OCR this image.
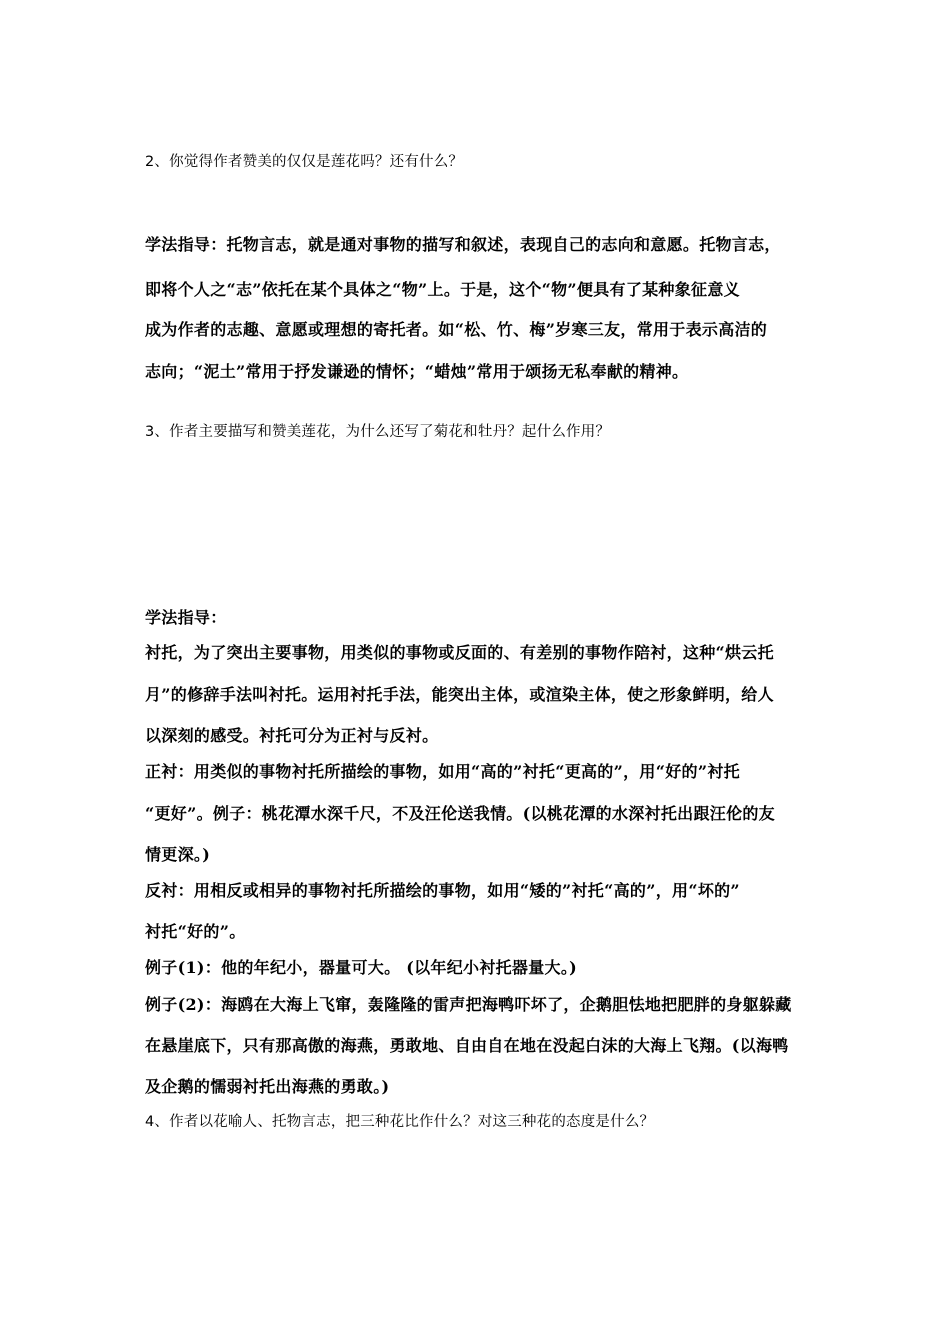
2、你觉得作者赞美的仅仅是莲花吗？还有什么？
学法指导：托物言志，就是通对事物的描写和叙述，表现自己的志向和意愿。托物言志，
即将个人之“志”依托在某个具体之“物”上。于是，这个“物”便具有了某种象征意义
成为作者的志趣、意愿或理想的寄托者。如“松、竹、梅”岁寒三友，常用于表示高洁的
志向；“泥土”常用于抒发谦逊的情怀；“蜡烛”常用于颂扬无私奉献的精神。
3、作者主要描写和赞美莲花，为什么还写了菊花和牡丹？起什么作用？
学法指导：
衬托，为了突出主要事物，用类似的事物或反面的、有差别的事物作陪衬，这种“烘云托
月”的修辞手法叫衬托。运用衬托手法，能突出主体，或渲染主体，使之形象鲜明，给人
以深刻的感受。衬托可分为正衬与反衬。
正衬：用类似的事物衬托所描绘的事物，如用“高的”衬托“更高的”，用“好的”衬托
“更好”。例子：桃花潭水深千尺，不及汪伦送我情。(以桃花潭的水深衬托出跟汪伦的友
情更深。)
反衬：用相反或相异的事物衬托所描绘的事物，如用“矮的”衬托“高的”，用“坏的”
衬托“好的”。
例子(1)：他的年纪小，器量可大。 (以年纪小衬托器量大。)
例子(2)：海鸥在大海上飞窜，轰隆隆的雷声把海鸭吓坏了，企鹅胆怯地把肥胖的身躯躲藏
在悬崖底下，只有那高傲的海燕，勇敢地、自由自在地在没起白沫的大海上飞翔。(以海鸭
及企鹅的懦弱衬托出海燕的勇敢。)
4、作者以花喻人、托物言志，把三种花比作什么？对这三种花的态度是什么？
